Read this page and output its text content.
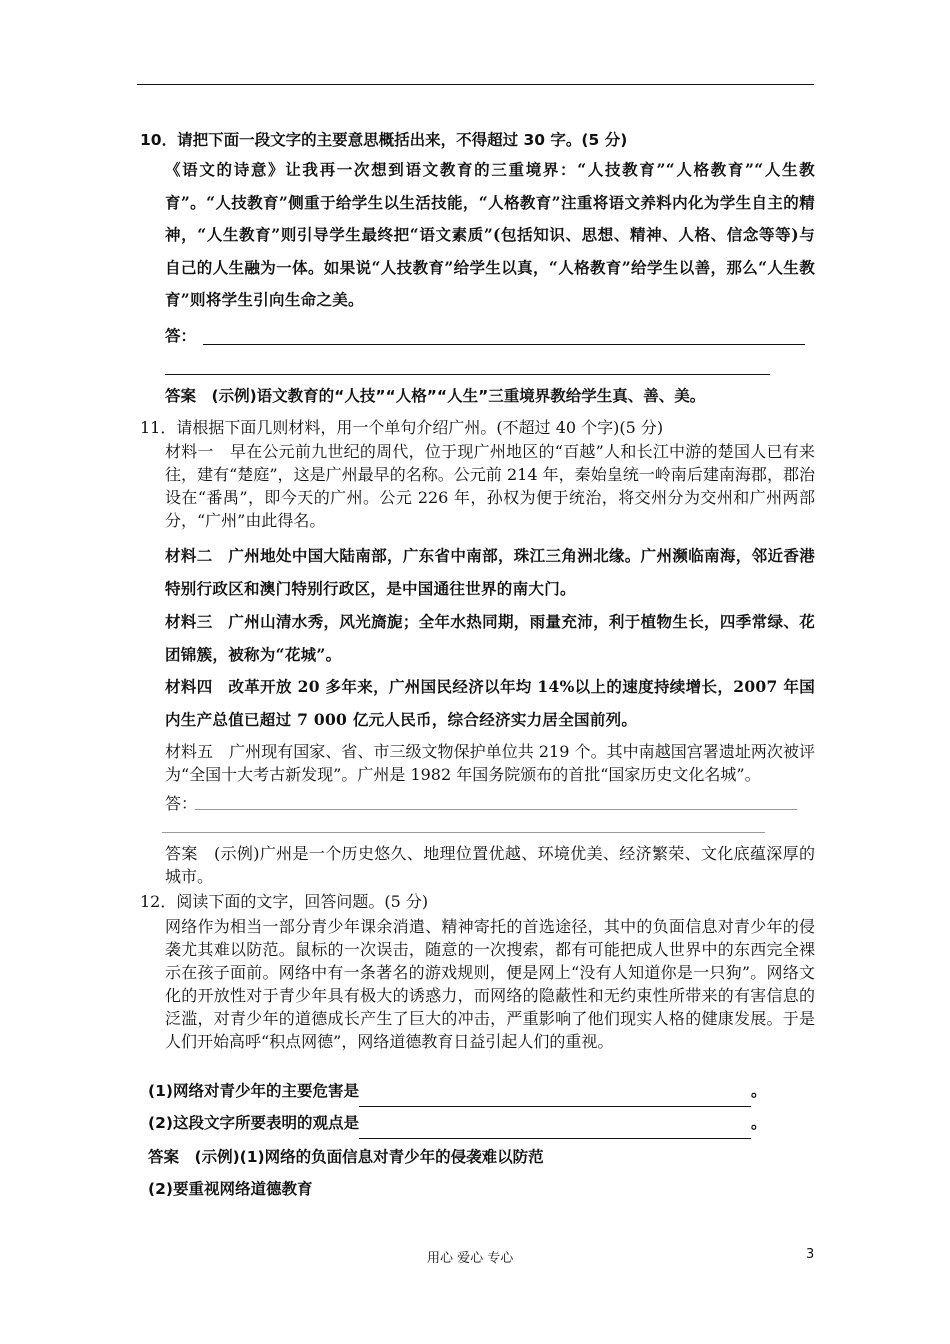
10．请把下面一段文字的主要意思概括出来，不得超过 30 字。(5 分)
《语文的诗意》让我再一次想到语文教育的三重境界：“人技教育”“人格教育”“人生教育”。“人技教育”侧重于给学生以生活技能，“人格教育”注重将语文养料内化为学生自主的精神，“人生教育”则引导学生最终把“语文素质”(包括知识、思想、精神、人格、信念等等)与自己的人生融为一体。如果说“人技教育”给学生以真，“人格教育”给学生以善，那么“人生教育”则将学生引向生命之美。
答：
答案　(示例)语文教育的“人技”“人格”“人生”三重境界教给学生真、善、美。
11．请根据下面几则材料，用一个单句介绍广州。(不超过 40 个字)(5 分)
材料一　早在公元前九世纪的周代，位于现广州地区的“百越”人和长江中游的楚国人已有来往，建有“楚庭”，这是广州最早的名称。公元前 214 年，秦始皇统一岭南后建南海郡，郡治设在“番禺”，即今天的广州。公元 226 年，孙权为便于统治，将交州分为交州和广州两部分，“广州”由此得名。
材料二　广州地处中国大陆南部，广东省中南部，珠江三角洲北缘。广州濒临南海，邻近香港特别行政区和澳门特别行政区，是中国通往世界的南大门。
材料三　广州山清水秀，风光旖旎；全年水热同期，雨量充沛，利于植物生长，四季常绿、花团锦簇，被称为“花城”。
材料四　改革开放 20 多年来，广州国民经济以年均 14%以上的速度持续增长，2007 年国内生产总值已超过 7 000 亿元人民币，综合经济实力居全国前列。
材料五　广州现有国家、省、市三级文物保护单位共 219 个。其中南越国宫署遗址两次被评为“全国十大考古新发现”。广州是 1982 年国务院颁布的首批“国家历史文化名城”。
答：
答案　(示例)广州是一个历史悠久、地理位置优越、环境优美、经济繁荣、文化底蕴深厚的城市。
12．阅读下面的文字，回答问题。(5 分)
网络作为相当一部分青少年课余消遣、精神寄托的首选途径，其中的负面信息对青少年的侵袭尤其难以防范。鼠标的一次误击，随意的一次搜索，都有可能把成人世界中的东西完全裸示在孩子面前。网络中有一条著名的游戏规则，便是网上“没有人知道你是一只狗”。网络文化的开放性对于青少年具有极大的诱惑力，而网络的隐蔽性和无约束性所带来的有害信息的泛滥，对青少年的道德成长产生了巨大的冲击，严重影响了他们现实人格的健康发展。于是人们开始高呼“积点网德”，网络道德教育日益引起人们的重视。
(1)网络对青少年的主要危害是	。
(2)这段文字所要表明的观点是	。
答案　(示例)(1)网络的负面信息对青少年的侵袭难以防范
(2)要重视网络道德教育
用心 爱心 专心	3
